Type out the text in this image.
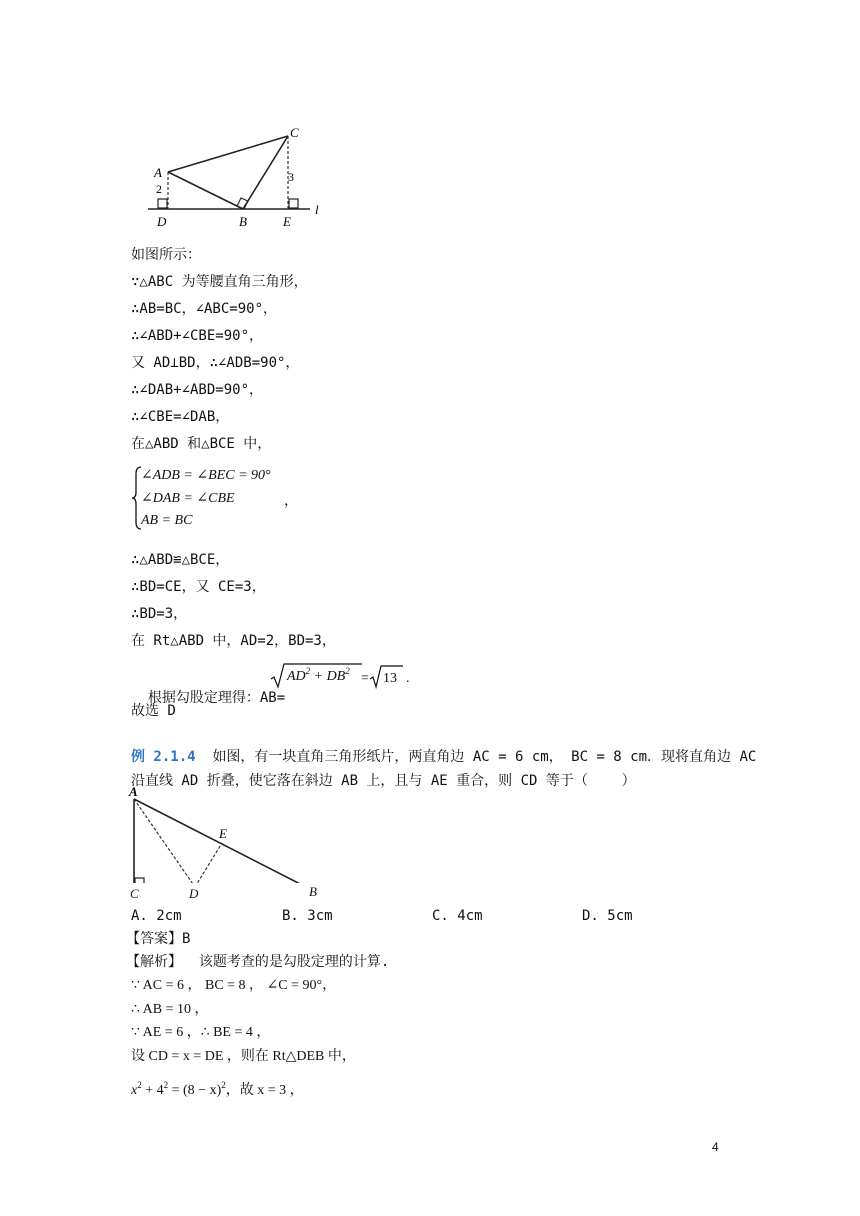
A
C
2
3
D	B	E
l
如图所示：
∵△ABC 为等腰直角三角形，
∴AB=BC，∠ABC=90°，
∴∠ABD+∠CBE=90°，
又 AD⊥BD，∴∠ADB=90°，
∴∠DAB+∠ABD=90°，
∴∠CBE=∠DAB，
在△ABD 和△BCE 中，
∠ADB = ∠BEC = 90°
∠DAB = ∠CBE
AB = BC
，
∴△ABD≌△BCE，
∴BD=CE，又 CE=3，
∴BD=3，
在 Rt△ABD 中，AD=2，BD=3，

根据勾股定理得：AB=

$AD^2 + DB^2 = 13$ .
故选 D
例 2.1.4 如图，有一块直角三角形纸片，两直角边 AC = 6 cm， BC = 8 cm．现将直角边 AC
沿直线 AD 折叠，使它落在斜边 AB 上，且与 AE 重合，则 CD 等于（    ）
A
E
C	D	B
A. 2cm	B. 3cm	C. 4cm	D. 5cm
【答案】B
【解析】  该题考查的是勾股定理的计算.
∵ AC = 6 ， BC = 8 ， ∠C = 90°，
∴ AB = 10 ，
∵ AE = 6 ，∴ BE = 4 ，
设 CD = x = DE ，则在 Rt△DEB 中，
$x^2 + 4^2 = (8 - x)^2$，故 x = 3 ，
4
